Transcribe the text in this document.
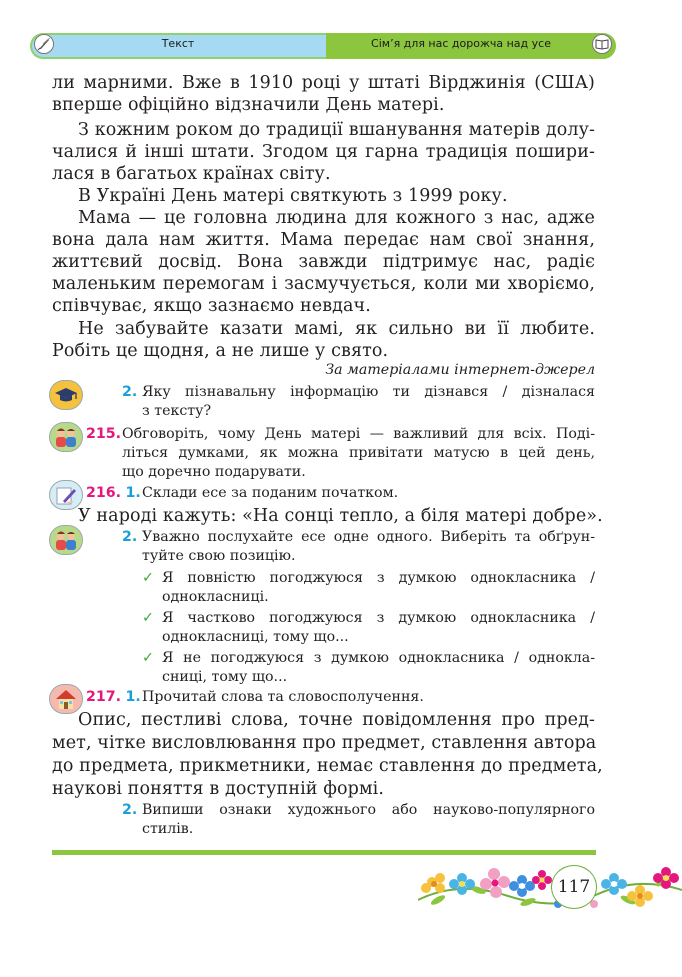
Текст	Сім’я для нас дорожча над усе
ли марними. Вже в 1910 році у штаті Вірджинія (США)
вперше офіційно відзначили День матері.
З кожним роком до традиції вшанування матерів долу-
чалися й інші штати. Згодом ця гарна традиція пошири-
лася в багатьох країнах світу.
В Україні День матері святкують з 1999 року.
Мама — це головна людина для кожного з нас, адже
вона дала нам життя. Мама передає нам свої знання,
життєвий досвід. Вона завжди підтримує нас, радіє
маленьким перемогам і засмучується, коли ми хворіємо,
співчуває, якщо зазнаємо невдач.
Не забувайте казати мамі, як сильно ви її любите.
Робіть це щодня, а не лише у свято.
За матеріалами інтернет-джерел
2. Яку пізнавальну інформацію ти дізнався / дізналася
з тексту?
215. Обговоріть, чому День матері — важливий для всіх. Поді-
літься думками, як можна привітати матусю в цей день,
що доречно подарувати.
216. 1. Склади есе за поданим початком.
У народі кажуть: «На сонці тепло, а біля матері добре».
2. Уважно послухайте есе одне одного. Виберіть та обґрун-
туйте свою позицію.
✓ Я повністю погоджуюся з думкою однокласника /
однокласниці.
✓ Я частково погоджуюся з думкою однокласника /
однокласниці, тому що...
✓ Я не погоджуюся з думкою однокласника / однокла-
сниці, тому що...
217. 1. Прочитай слова та словосполучення.
Опис, пестливі слова, точне повідомлення про пред-
мет, чітке висловлювання про предмет, ставлення автора
до предмета, прикметники, немає ставлення до предмета,
наукові поняття в доступній формі.
2. Випиши ознаки художнього або науково-популярного
стилів.
117
